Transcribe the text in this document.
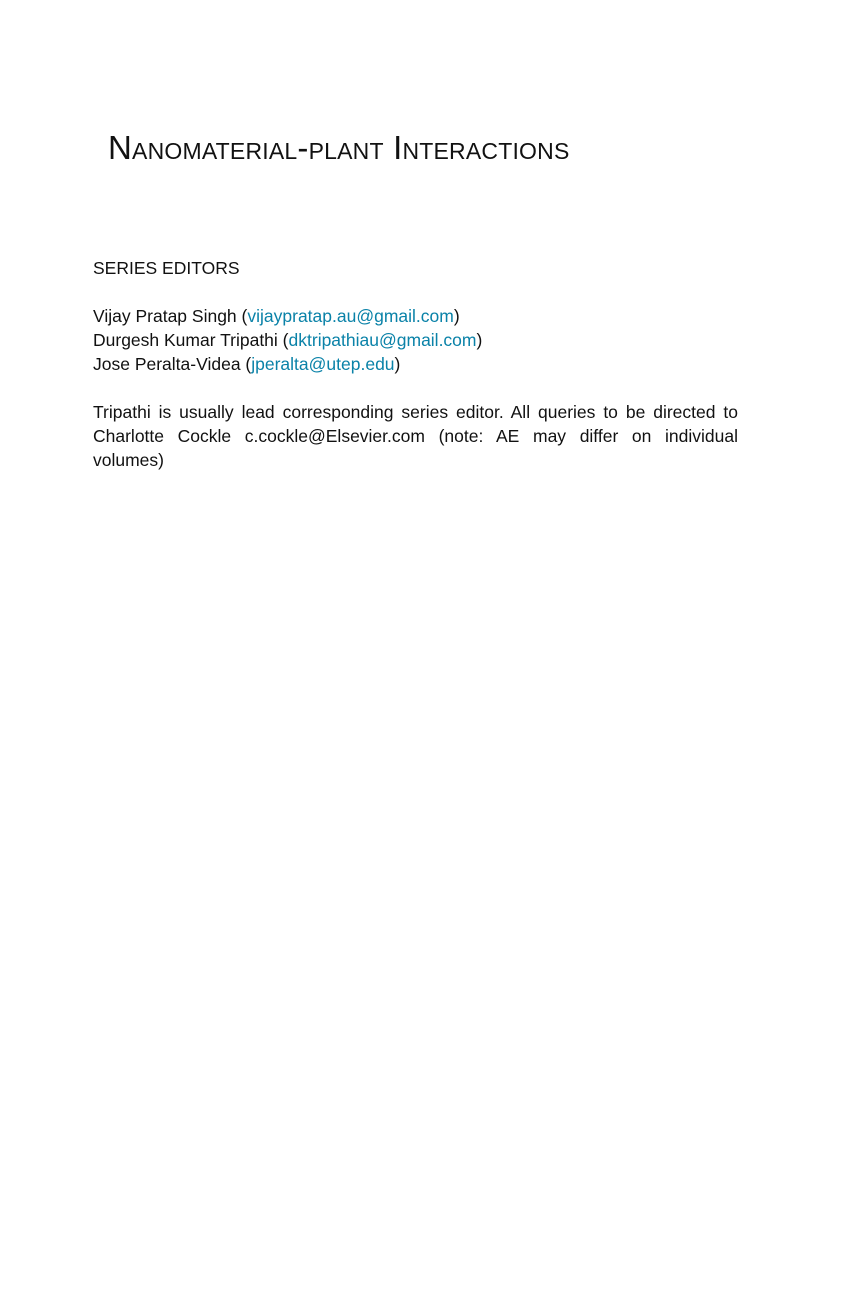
Nanomaterial-plant Interactions
SERIES EDITORS
Vijay Pratap Singh (vijaypratap.au@gmail.com)
Durgesh Kumar Tripathi (dktripathiau@gmail.com)
Jose Peralta-Videa (jperalta@utep.edu)

Tripathi is usually lead corresponding series editor. All queries to be directed to Charlotte Cockle c.cockle@Elsevier.com (note: AE may differ on individual volumes)
